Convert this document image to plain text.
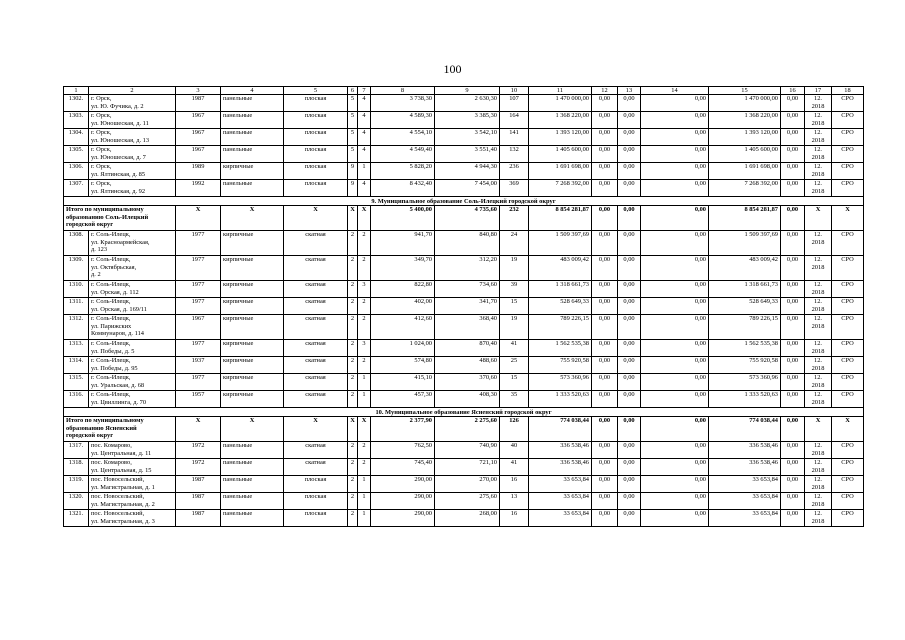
100
1	2	3	4	5	6	7	8	9	10	11	12	13	14	15	16	17	18
1302.	г. Орск,
ул. Ю. Фучика, д. 2	1987	панельные	плоская	5	4	3 738,30	2 630,30	107	1 470 000,00	0,00	0,00	0,00	1 470 000,00	0,00	12.
2018	СРО
1303.	г. Орск,
ул. Юношеская, д. 11	1967	панельные	плоская	5	4	4 589,30	3 385,30	164	1 368 220,00	0,00	0,00	0,00	1 368 220,00	0,00	12.
2018	СРО
1304.	г. Орск,
ул. Юношеская, д. 13	1967	панельные	плоская	5	4	4 554,10	3 542,10	141	1 393 120,00	0,00	0,00	0,00	1 393 120,00	0,00	12.
2018	СРО
1305.	г. Орск,
ул. Юношеская, д. 7	1967	панельные	плоская	5	4	4 549,40	3 551,40	132	1 405 600,00	0,00	0,00	0,00	1 405 600,00	0,00	12.
2018	СРО
1306.	г. Орск,
ул. Ялтинская, д. 85	1989	кирпичные	плоская	9	1	5 828,20	4 944,30	236	1 691 698,00	0,00	0,00	0,00	1 691 698,00	0,00	12.
2018	СРО
1307.	г. Орск,
ул. Ялтинская, д. 92	1992	панельные	плоская	9	4	8 432,40	7 454,00	369	7 268 392,00	0,00	0,00	0,00	7 268 392,00	0,00	12.
2018	СРО
9. Муниципальное образование Соль-Илецкий городской округ																	
Итого по муниципальному
образованию Соль-Илецкий
городской округ		X	X	X	X	X	5 400,00	4 735,60	232	8 854 281,87	0,00	0,00	0,00	8 854 281,87	0,00	X	X
1308.	г. Соль-Илецк,
ул. Красноармейская,
д. 123	1977	кирпичные	скатная	2	2	941,70	840,80	24	1 509 397,69	0,00	0,00	0,00	1 509 397,69	0,00	12.
2018	СРО
1309.	г. Соль-Илецк,
ул. Октябрьская,
д. 2	1977	кирпичные	скатная	2	2	349,70	312,20	19	483 009,42	0,00	0,00	0,00	483 009,42	0,00	12.
2018	СРО
1310.	г. Соль-Илецк,
ул. Орская, д. 112	1977	кирпичные	скатная	2	3	822,80	734,60	39	1 318 661,73	0,00	0,00	0,00	1 318 661,73	0,00	12.
2018	СРО
1311.	г. Соль-Илецк,
ул. Орская, д. 169/11	1977	кирпичные	скатная	2	2	402,00	341,70	15	528 649,33	0,00	0,00	0,00	528 649,33	0,00	12.
2018	СРО
1312.	г. Соль-Илецк,
ул. Парижских
Коммунаров, д. 114	1967	кирпичные	скатная	2	2	412,60	368,40	19	789 226,15	0,00	0,00	0,00	789 226,15	0,00	12.
2018	СРО
1313.	г. Соль-Илецк,
ул. Победы, д. 5	1977	кирпичные	скатная	2	3	1 024,00	870,40	41	1 562 535,38	0,00	0,00	0,00	1 562 535,38	0,00	12.
2018	СРО
1314.	г. Соль-Илецк,
ул. Победы, д. 95	1937	кирпичные	скатная	2	2	574,80	488,60	25	755 920,58	0,00	0,00	0,00	755 920,58	0,00	12.
2018	СРО
1315.	г. Соль-Илецк,
ул. Уральская, д. 68	1977	кирпичные	скатная	2	1	415,10	370,60	15	573 360,96	0,00	0,00	0,00	573 360,96	0,00	12.
2018	СРО
1316.	г. Соль-Илецк,
ул. Цвиллинга, д. 70	1957	кирпичные	скатная	2	1	457,30	408,30	35	1 333 520,63	0,00	0,00	0,00	1 333 520,63	0,00	12.
2018	СРО
10. Муниципальное образование Ясненский городской округ																	
Итого по муниципальному
образованию Ясненский
городской округ		X	X	X	X	X	2 377,90	2 275,60	126	774 038,44	0,00	0,00	0,00	774 038,44	0,00	X	X
1317.	пос. Комарово,
ул. Центральная, д. 11	1972	панельные	скатная	2	2	762,50	740,90	40	336 538,46	0,00	0,00	0,00	336 538,46	0,00	12.
2018	СРО
1318.	пос. Комарово,
ул. Центральная, д. 15	1972	панельные	скатная	2	2	745,40	721,10	41	336 538,46	0,00	0,00	0,00	336 538,46	0,00	12.
2018	СРО
1319.	пос. Новосельский,
ул. Магистральная, д. 1	1987	панельные	плоская	2	1	290,00	270,00	16	33 653,84	0,00	0,00	0,00	33 653,84	0,00	12.
2018	СРО
1320.	пос. Новосельский,
ул. Магистральная, д. 2	1987	панельные	плоская	2	1	290,00	275,60	13	33 653,84	0,00	0,00	0,00	33 653,84	0,00	12.
2018	СРО
1321.	пос. Новосельский,
ул. Магистральная, д. 3	1987	панельные	плоская	2	1	290,00	268,00	16	33 653,84	0,00	0,00	0,00	33 653,84	0,00	12.
2018	СРО
